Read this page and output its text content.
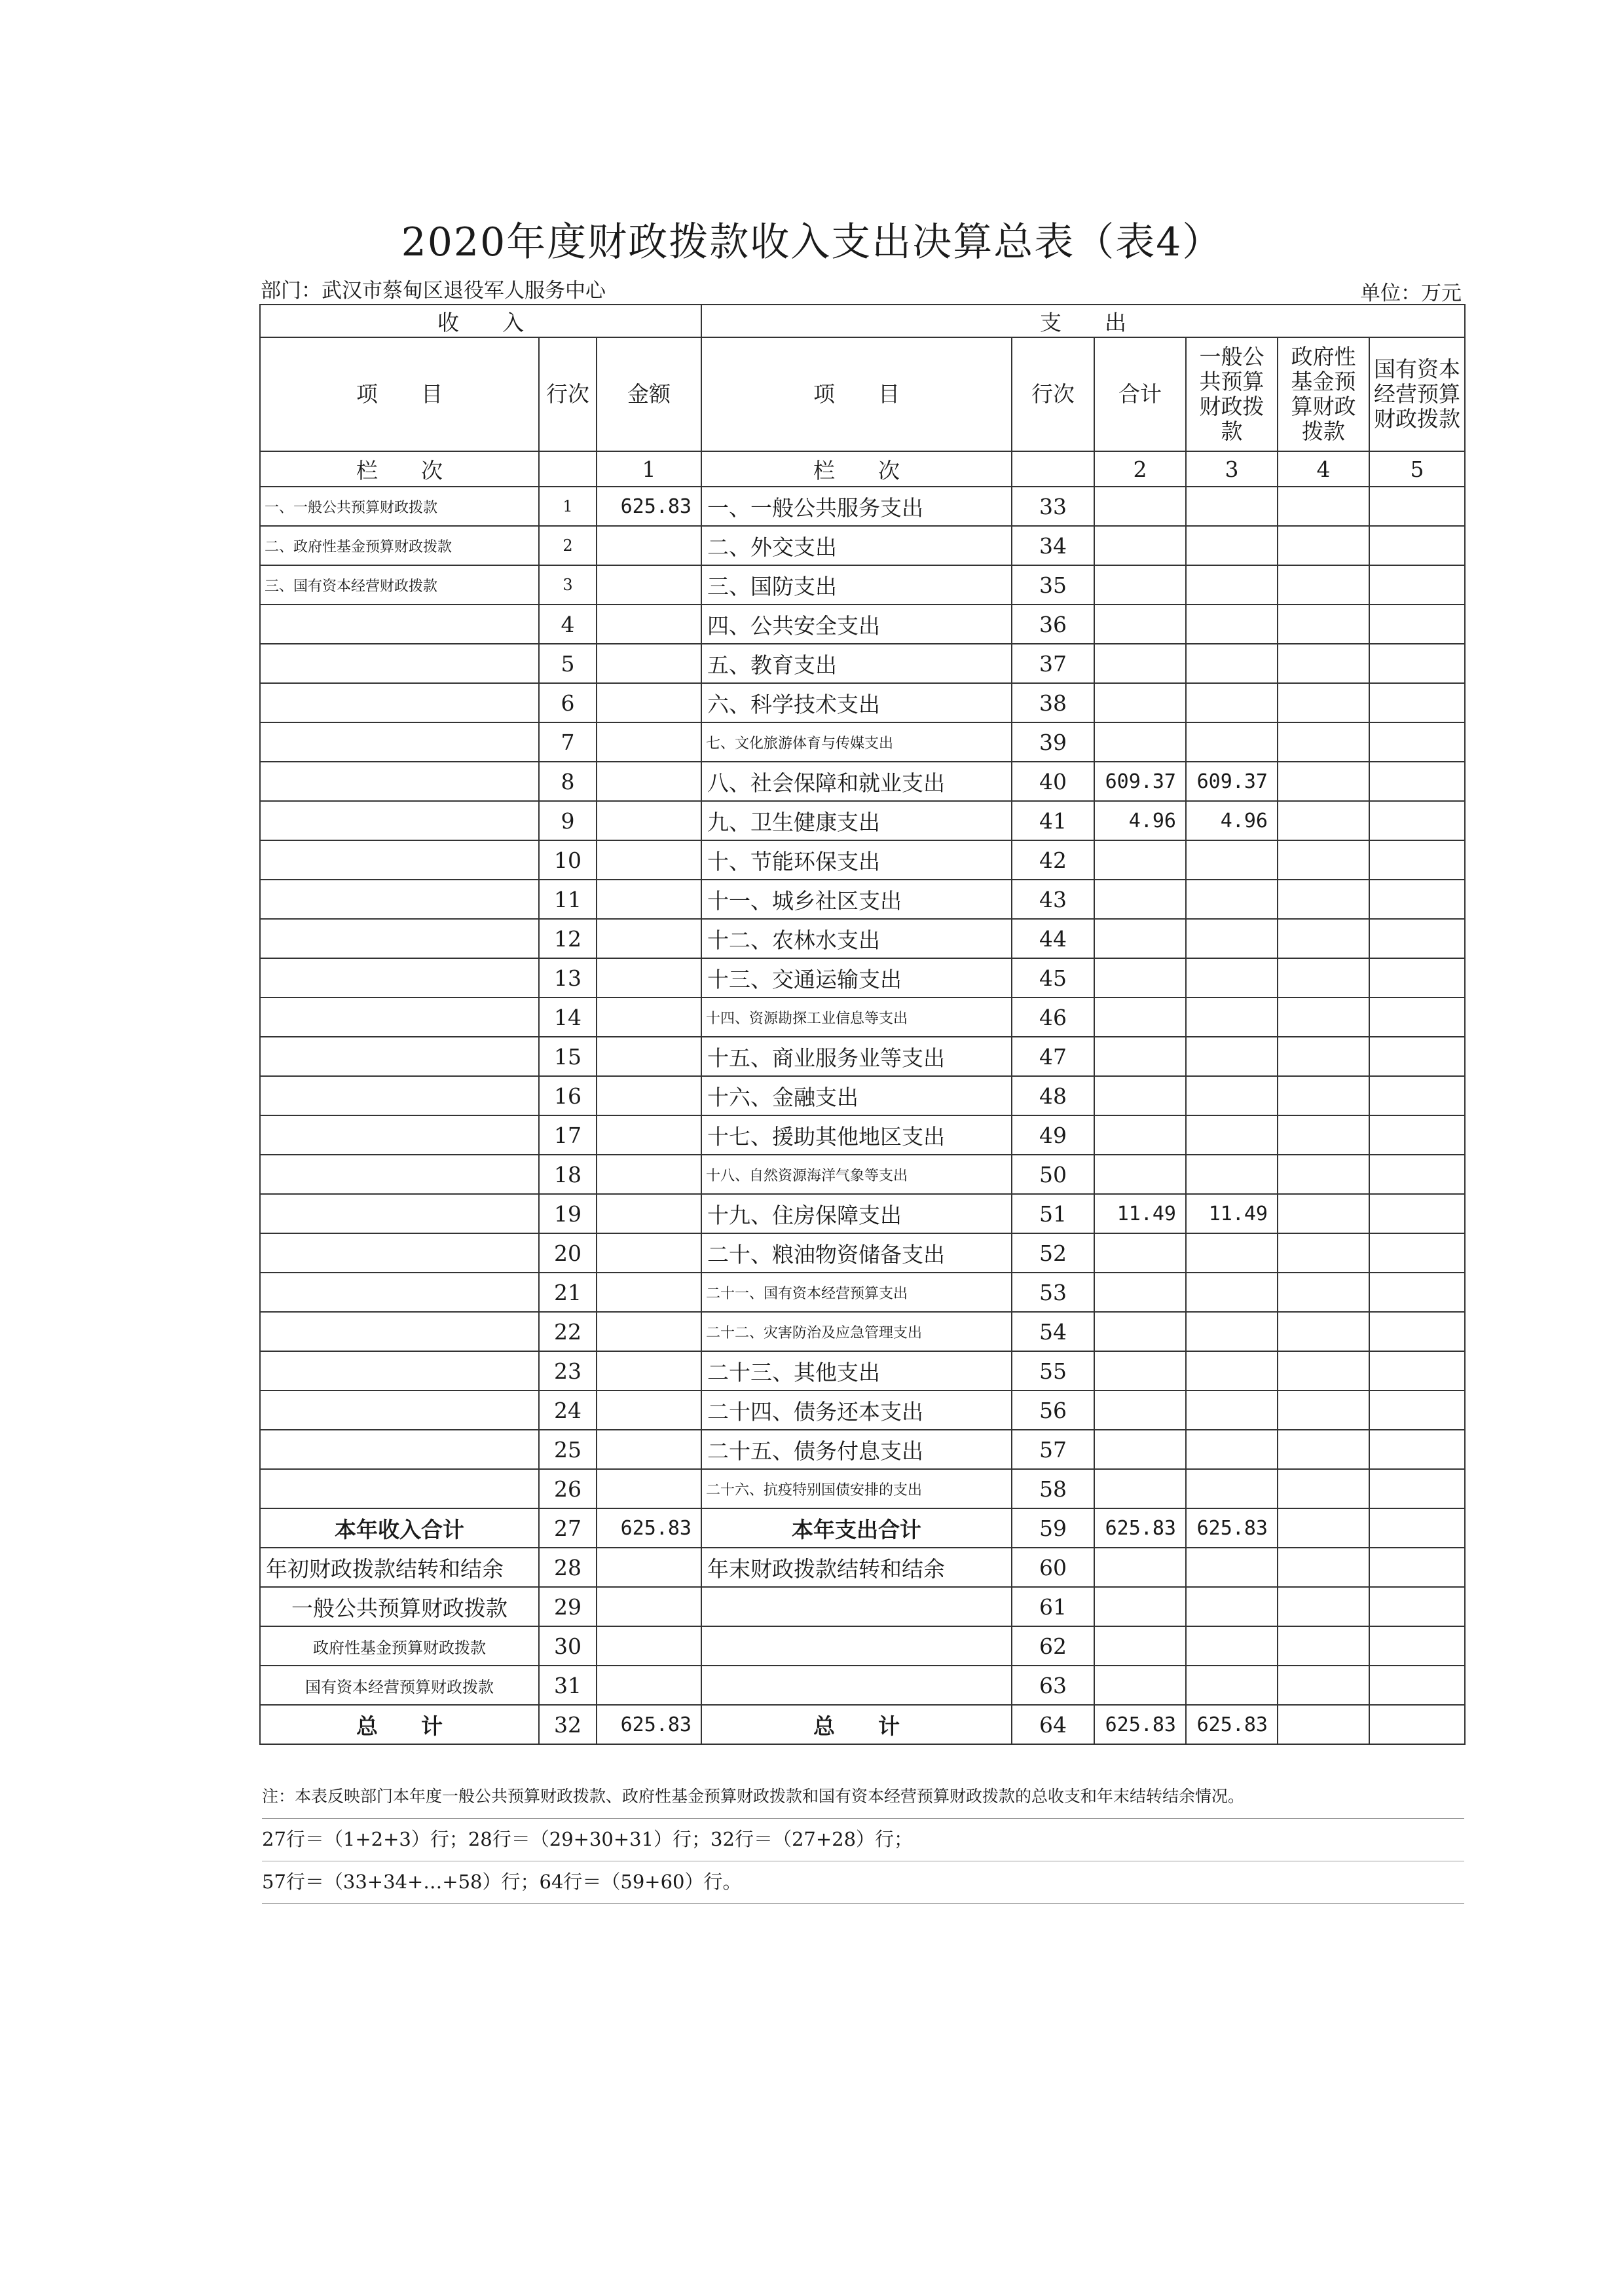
2020年度财政拨款收入支出决算总表（表4）
部门：武汉市蔡甸区退役军人服务中心	单位：万元
收　　入			支　　出					
项　　目	行次	金额	项　　目	行次	合计	一般公共预算财政拨款	政府性基金预算财政拨款	国有资本经营预算财政拨款
栏　　次		1	栏　　次		2	3	4	5
一、一般公共预算财政拨款	1	625.83	一、一般公共服务支出	33				
二、政府性基金预算财政拨款	2		二、外交支出	34				
三、国有资本经营财政拨款	3		三、国防支出	35				
	4		四、公共安全支出	36				
	5		五、教育支出	37				
	6		六、科学技术支出	38				
	7		七、文化旅游体育与传媒支出	39				
	8		八、社会保障和就业支出	40	609.37	609.37		
	9		九、卫生健康支出	41	4.96	4.96		
	10		十、节能环保支出	42				
	11		十一、城乡社区支出	43				
	12		十二、农林水支出	44				
	13		十三、交通运输支出	45				
	14		十四、资源勘探工业信息等支出	46				
	15		十五、商业服务业等支出	47				
	16		十六、金融支出	48				
	17		十七、援助其他地区支出	49				
	18		十八、自然资源海洋气象等支出	50				
	19		十九、住房保障支出	51	11.49	11.49		
	20		二十、粮油物资储备支出	52				
	21		二十一、国有资本经营预算支出	53				
	22		二十二、灾害防治及应急管理支出	54				
	23		二十三、其他支出	55				
	24		二十四、债务还本支出	56				
	25		二十五、债务付息支出	57				
	26		二十六、抗疫特别国债安排的支出	58				
本年收入合计	27	625.83	本年支出合计	59	625.83	625.83		
年初财政拨款结转和结余	28		年末财政拨款结转和结余	60				
一般公共预算财政拨款	29			61				
政府性基金预算财政拨款	30			62				
国有资本经营预算财政拨款	31			63				
总　　计	32	625.83	总　　计	64	625.83	625.83		
注：本表反映部门本年度一般公共预算财政拨款、政府性基金预算财政拨款和国有资本经营预算财政拨款的总收支和年末结转结余情况。
27行＝（1+2+3）行；28行＝（29+30+31）行；32行＝（27+28）行；
57行＝（33+34+…+58）行；64行＝（59+60）行。
